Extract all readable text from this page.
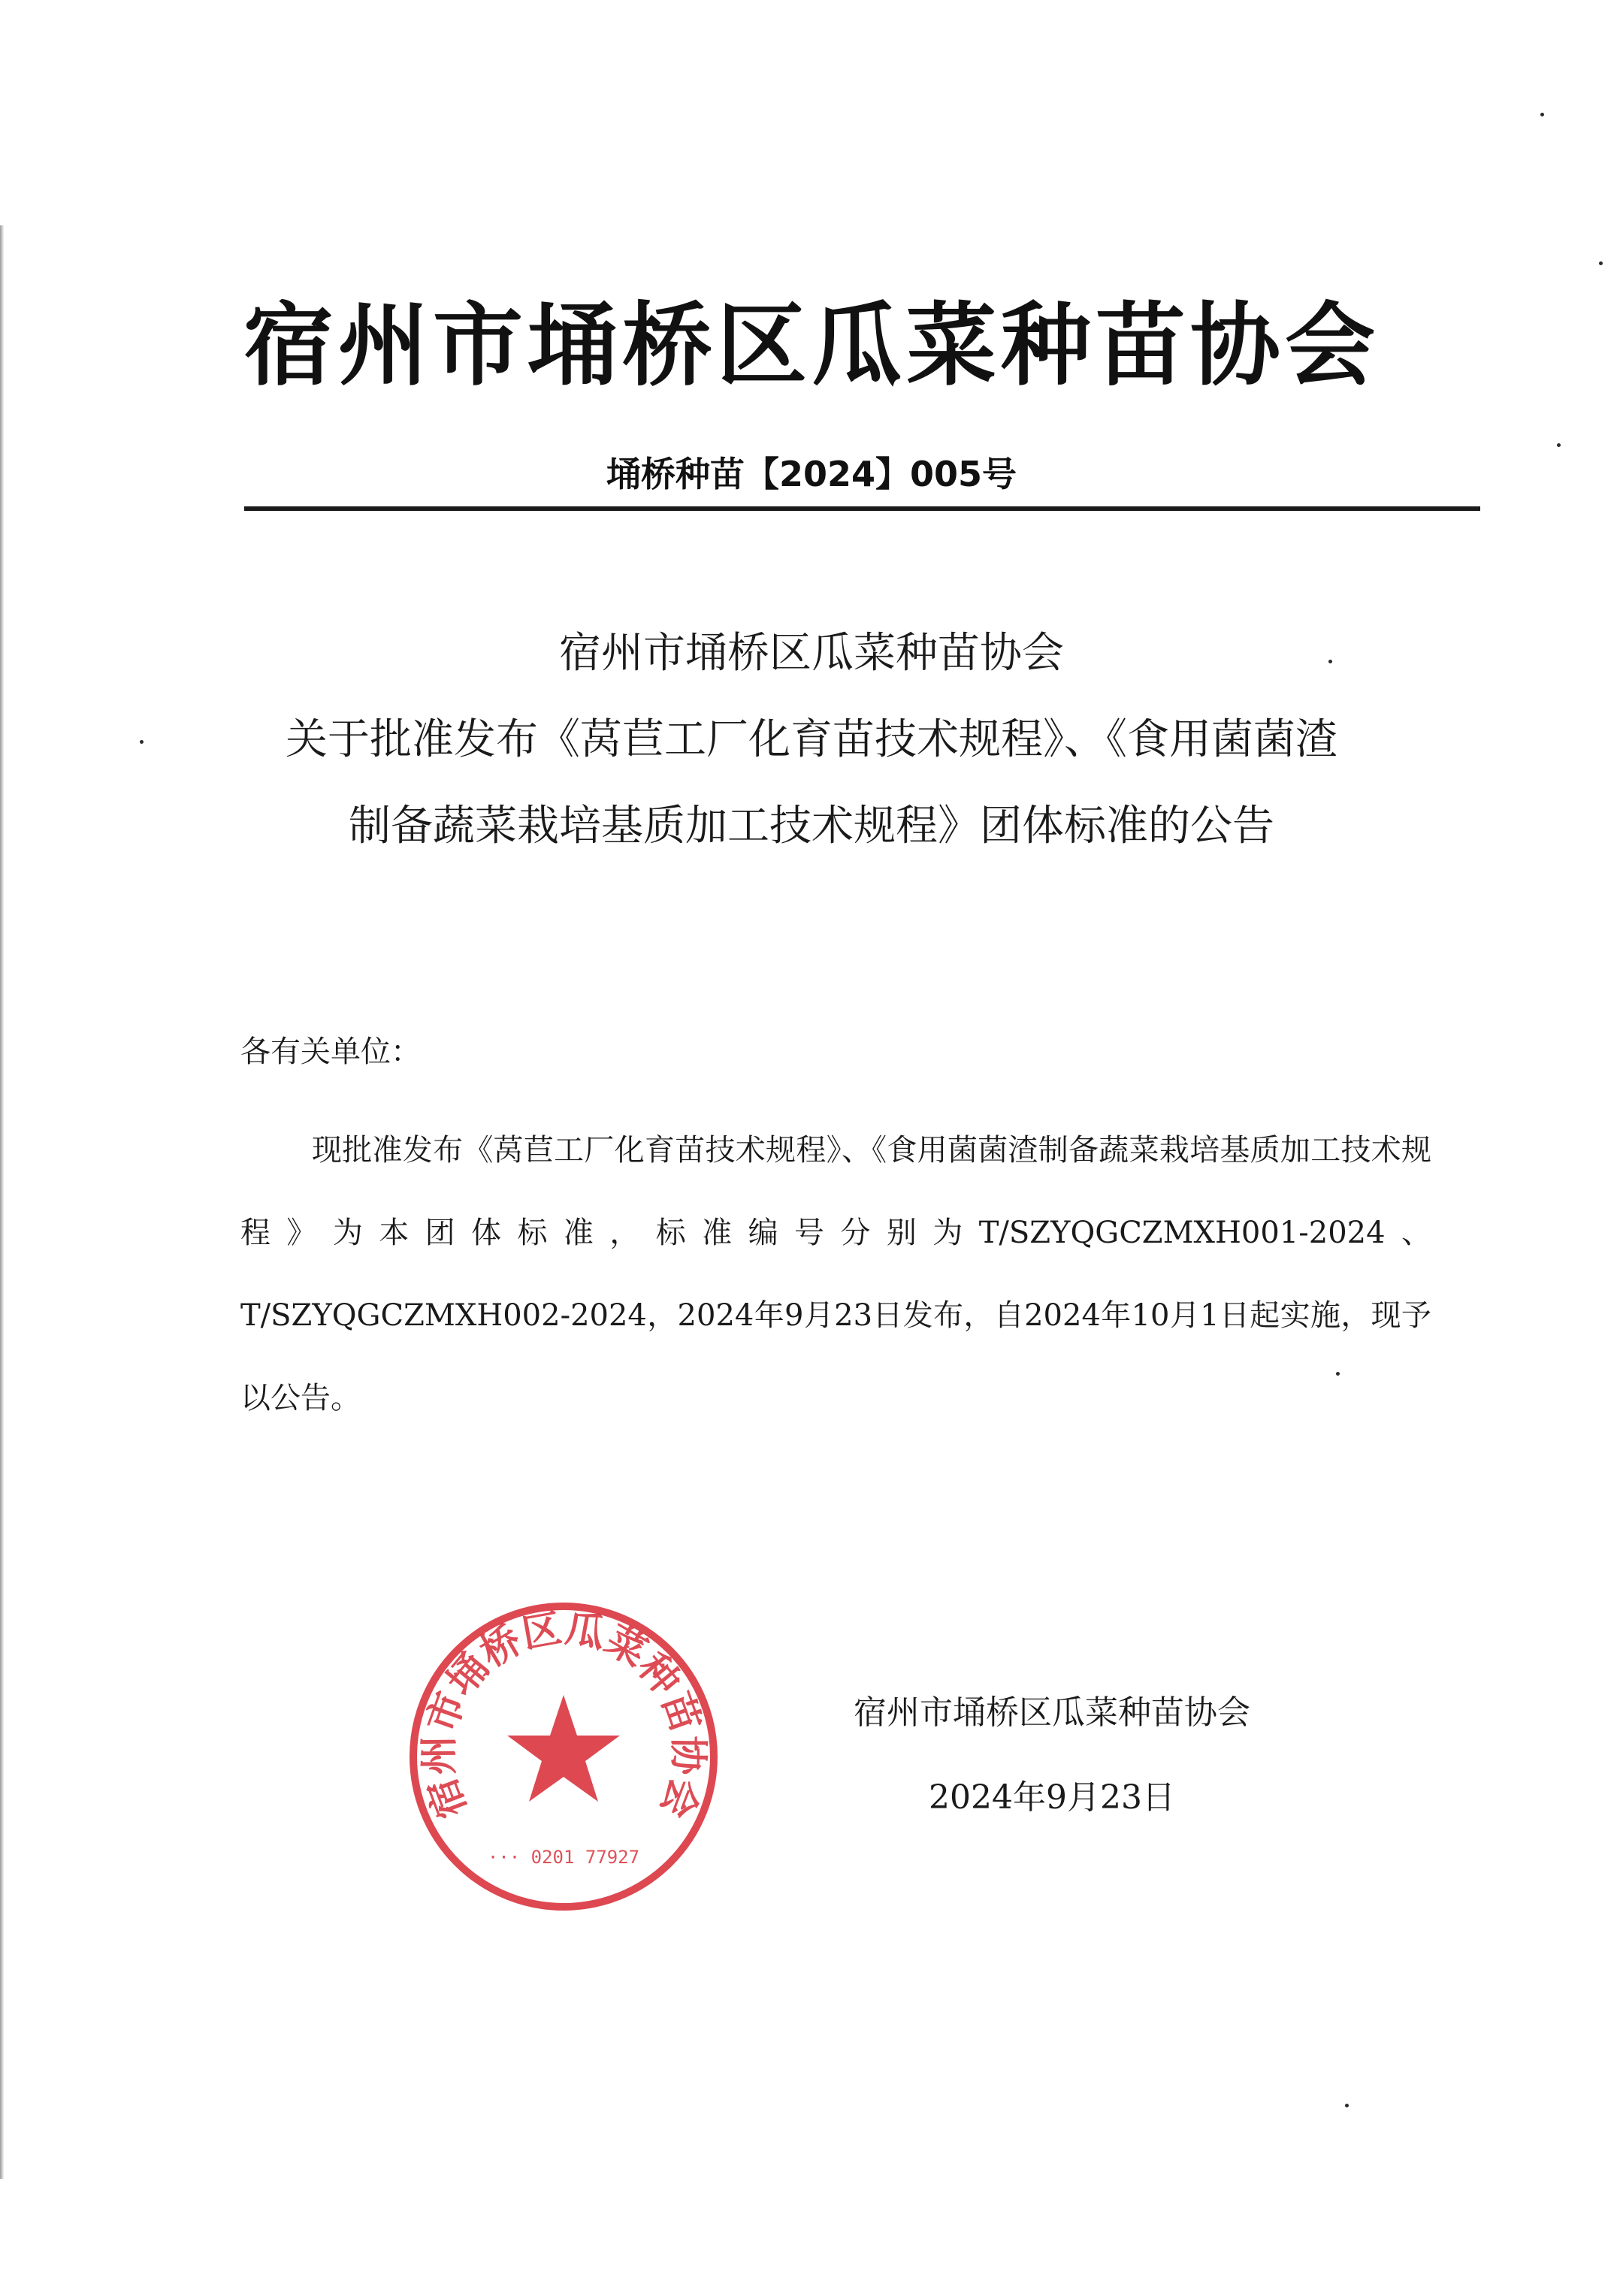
宿州市埇桥区瓜菜种苗协会
埇桥种苗【2024】005号
宿州市埇桥区瓜菜种苗协会
关于批准发布《莴苣工厂化育苗技术规程》、《食用菌菌渣
制备蔬菜栽培基质加工技术规程》团体标准的公告
各有关单位：

现批准发布《莴苣工厂化育苗技术规程》、《食用菌菌渣制备蔬菜栽培基质加工技术规程》为本团体标准，标准编号分别为T/SZYQGCZMXH001-2024、T/SZYQGCZMXH002-2024，2024年9月23日发布，自2024年10月1日起实施，现予以公告。

宿州市埇桥区瓜菜种苗协会
··· 0201 77927
宿州市埇桥区瓜菜种苗协会
2024年9月23日
